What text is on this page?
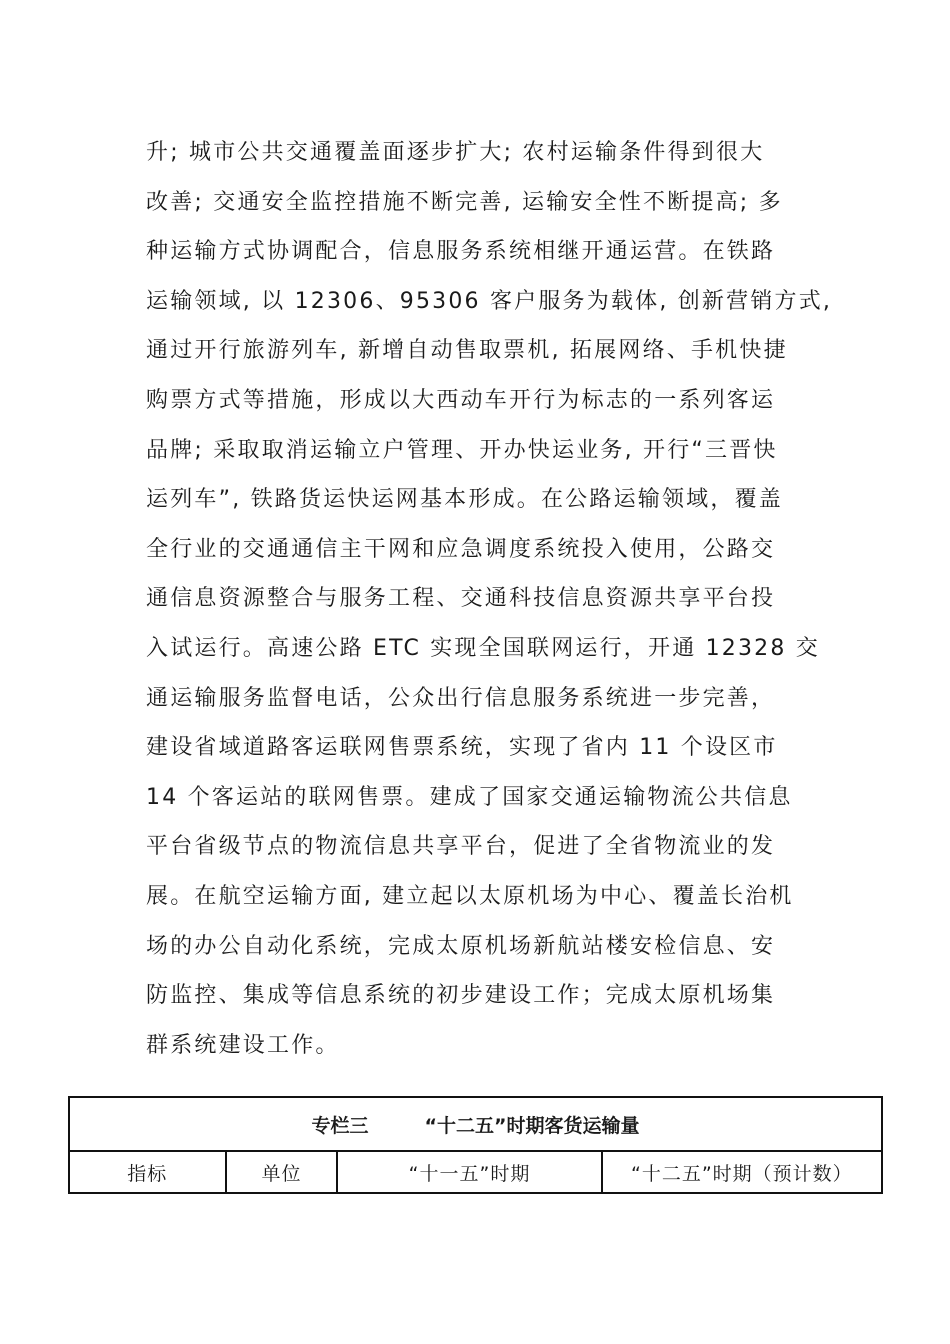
升; 城市公共交通覆盖面逐步扩大; 农村运输条件得到很大
改善; 交通安全监控措施不断完善, 运输安全性不断提高; 多
种运输方式协调配合，信息服务系统相继开通运营。在铁路
运输领域, 以 12306、95306 客户服务为载体, 创新营销方式,
通过开行旅游列车, 新增自动售取票机, 拓展网络、手机快捷
购票方式等措施，形成以大西动车开行为标志的一系列客运
品牌; 采取取消运输立户管理、开办快运业务, 开行“三晋快
运列车”, 铁路货运快运网基本形成。在公路运输领域，覆盖
全行业的交通通信主干网和应急调度系统投入使用，公路交
通信息资源整合与服务工程、交通科技信息资源共享平台投
入试运行。高速公路 ETC 实现全国联网运行，开通 12328 交
通运输服务监督电话，公众出行信息服务系统进一步完善，
建设省域道路客运联网售票系统，实现了省内 11 个设区市
14 个客运站的联网售票。建成了国家交通运输物流公共信息
平台省级节点的物流信息共享平台，促进了全省物流业的发
展。在航空运输方面, 建立起以太原机场为中心、覆盖长治机
场的办公自动化系统，完成太原机场新航站楼安检信息、安
防监控、集成等信息系统的初步建设工作；完成太原机场集
群系统建设工作。
专栏三	“十二五”时期客货运输量
指标	单位	“十一五”时期	“十二五”时期（预计数）
